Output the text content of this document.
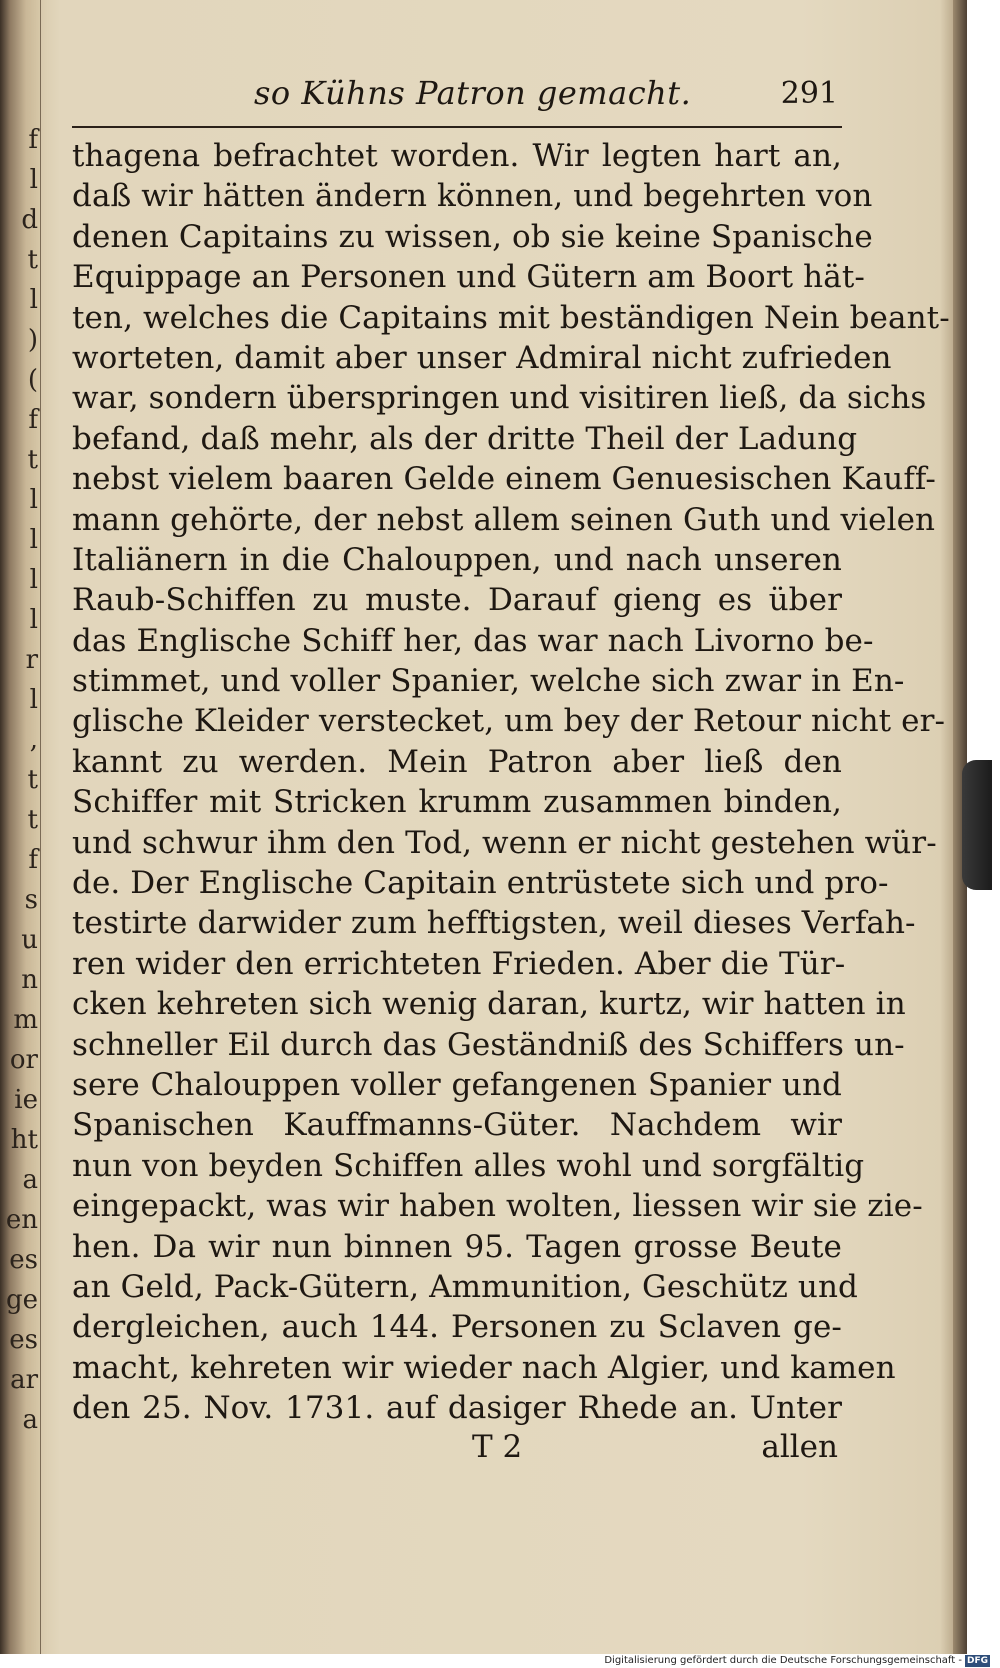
f
l
d
t
l
)
(
f
t
l
l
l
l
r
l
,
t
t
f
s
u
n
m
or
ie
ht
a
en
es
ge
es
ar
a
so Kühns Patron gemacht.	291
thagena befrachtet worden. Wir legten hart an,
daß wir hätten ändern können, und begehrten von
denen Capitains zu wissen, ob sie keine Spanische
Equippage an Personen und Gütern am Boort hät-
ten, welches die Capitains mit beständigen Nein beant-
worteten, damit aber unser Admiral nicht zufrieden
war, sondern überspringen und visitiren ließ, da sichs
befand, daß mehr, als der dritte Theil der Ladung
nebst vielem baaren Gelde einem Genuesischen Kauff-
mann gehörte, der nebst allem seinen Guth und vielen
Italiänern in die Chalouppen, und nach unseren
Raub-Schiffen zu muste. Darauf gieng es über
das Englische Schiff her, das war nach Livorno be-
stimmet, und voller Spanier, welche sich zwar in En-
glische Kleider verstecket, um bey der Retour nicht er-
kannt zu werden. Mein Patron aber ließ den
Schiffer mit Stricken krumm zusammen binden,
und schwur ihm den Tod, wenn er nicht gestehen wür-
de. Der Englische Capitain entrüstete sich und pro-
testirte darwider zum hefftigsten, weil dieses Verfah-
ren wider den errichteten Frieden. Aber die Tür-
cken kehreten sich wenig daran, kurtz, wir hatten in
schneller Eil durch das Geständniß des Schiffers un-
sere Chalouppen voller gefangenen Spanier und
Spanischen Kauffmanns-Güter. Nachdem wir
nun von beyden Schiffen alles wohl und sorgfältig
eingepackt, was wir haben wolten, liessen wir sie zie-
hen. Da wir nun binnen 95. Tagen grosse Beute
an Geld, Pack-Gütern, Ammunition, Geschütz und
dergleichen, auch 144. Personen zu Sclaven ge-
macht, kehreten wir wieder nach Algier, und kamen
den 25. Nov. 1731. auf dasiger Rhede an. Unter
T 2	allen
Digitalisierung gefördert durch die Deutsche Forschungsgemeinschaft - DFG
